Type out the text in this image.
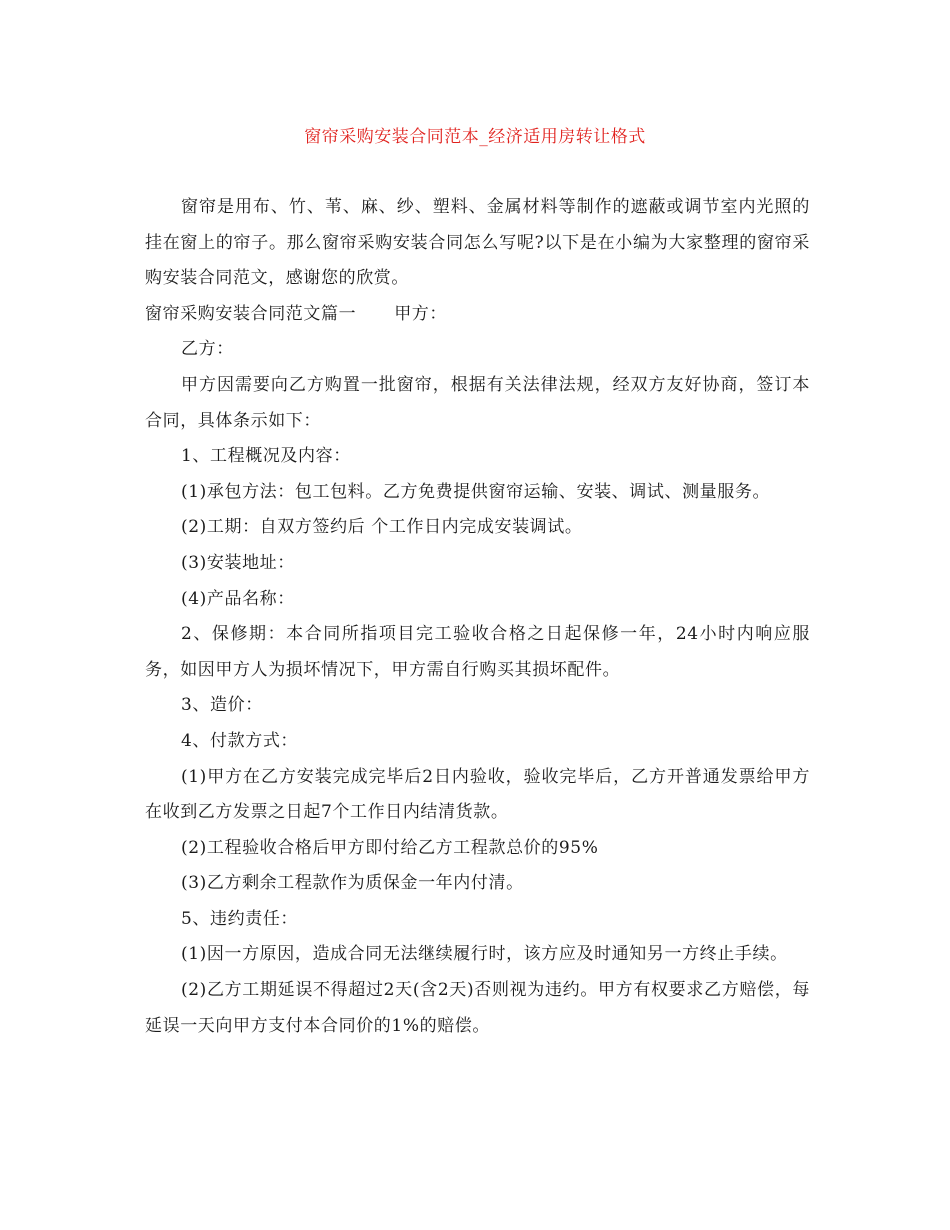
窗帘采购安装合同范本_经济适用房转让格式

窗帘是用布、竹、苇、麻、纱、塑料、金属材料等制作的遮蔽或调节室内光照的挂在窗上的帘子。那么窗帘采购安装合同怎么写呢?以下是在小编为大家整理的窗帘采购安装合同范文，感谢您的欣赏。

窗帘采购安装合同范文篇一 甲方：

乙方：

甲方因需要向乙方购置一批窗帘，根据有关法律法规，经双方友好协商，签订本合同，具体条示如下：

1、工程概况及内容：

(1)承包方法：包工包料。乙方免费提供窗帘运输、安装、调试、测量服务。

(2)工期：自双方签约后 个工作日内完成安装调试。

(3)安装地址：

(4)产品名称：

2、保修期：本合同所指项目完工验收合格之日起保修一年，24小时内响应服务，如因甲方人为损坏情况下，甲方需自行购买其损坏配件。

3、造价：

4、付款方式：

(1)甲方在乙方安装完成完毕后2日内验收，验收完毕后，乙方开普通发票给甲方在收到乙方发票之日起7个工作日内结清货款。

(2)工程验收合格后甲方即付给乙方工程款总价的95%

(3)乙方剩余工程款作为质保金一年内付清。

5、违约责任：

(1)因一方原因，造成合同无法继续履行时，该方应及时通知另一方终止手续。

(2)乙方工期延误不得超过2天(含2天)否则视为违约。甲方有权要求乙方赔偿，每延误一天向甲方支付本合同价的1%的赔偿。
